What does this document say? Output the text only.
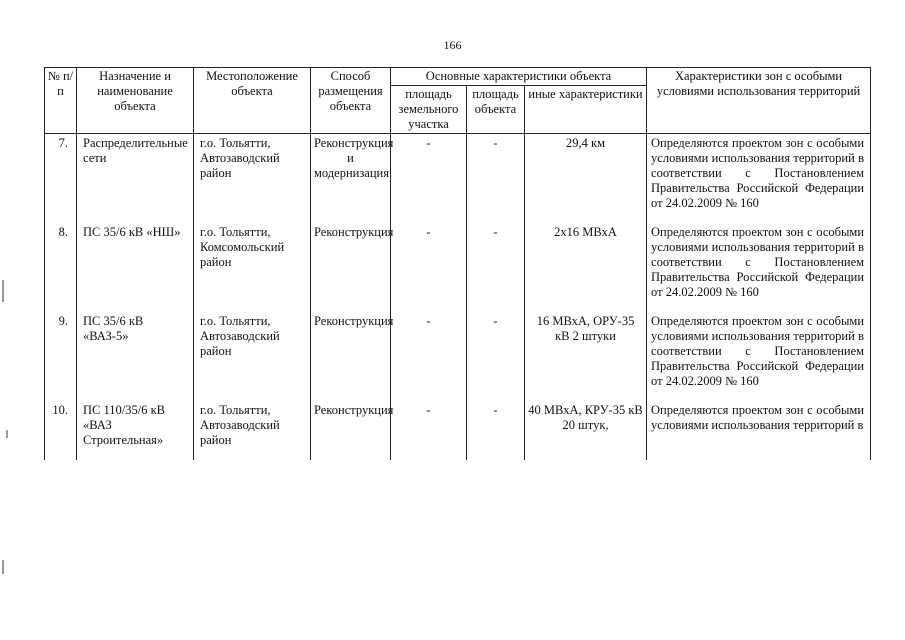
166
№ п/п	Назначение и наименование объекта	Местоположение объекта	Способ размещения объекта	Основные характеристики объекта			Характеристики зон с особыми условиями использования территорий
				площадь земельного участка	площадь объекта	иные характеристики	
7.	Распределительные сети	г.о. Тольятти, Автозаводский район	Реконструкция и модернизация	-	-	29,4 км	Определяются проектом зон с особыми условиями использования территорий в соответствии с Постановлением Правительства Российской Федерации от 24.02.2009 № 160
8.	ПС 35/6 кВ «НШ»	г.о. Тольятти, Комсомольский район	Реконструкция	-	-	2х16 МВхА	Определяются проектом зон с особыми условиями использования территорий в соответствии с Постановлением Правительства Российской Федерации от 24.02.2009 № 160
9.	ПС 35/6 кВ «ВАЗ-5»	г.о. Тольятти, Автозаводский район	Реконструкция	-	-	16 МВхА, ОРУ-35 кВ 2 штуки	Определяются проектом зон с особыми условиями использования территорий в соответствии с Постановлением Правительства Российской Федерации от 24.02.2009 № 160
10.	ПС 110/35/6 кВ «ВАЗ Строительная»	г.о. Тольятти, Автозаводский район	Реконструкция	-	-	40 МВхА, КРУ-35 кВ 20 штук,	Определяются проектом зон с особыми условиями использования территорий в
